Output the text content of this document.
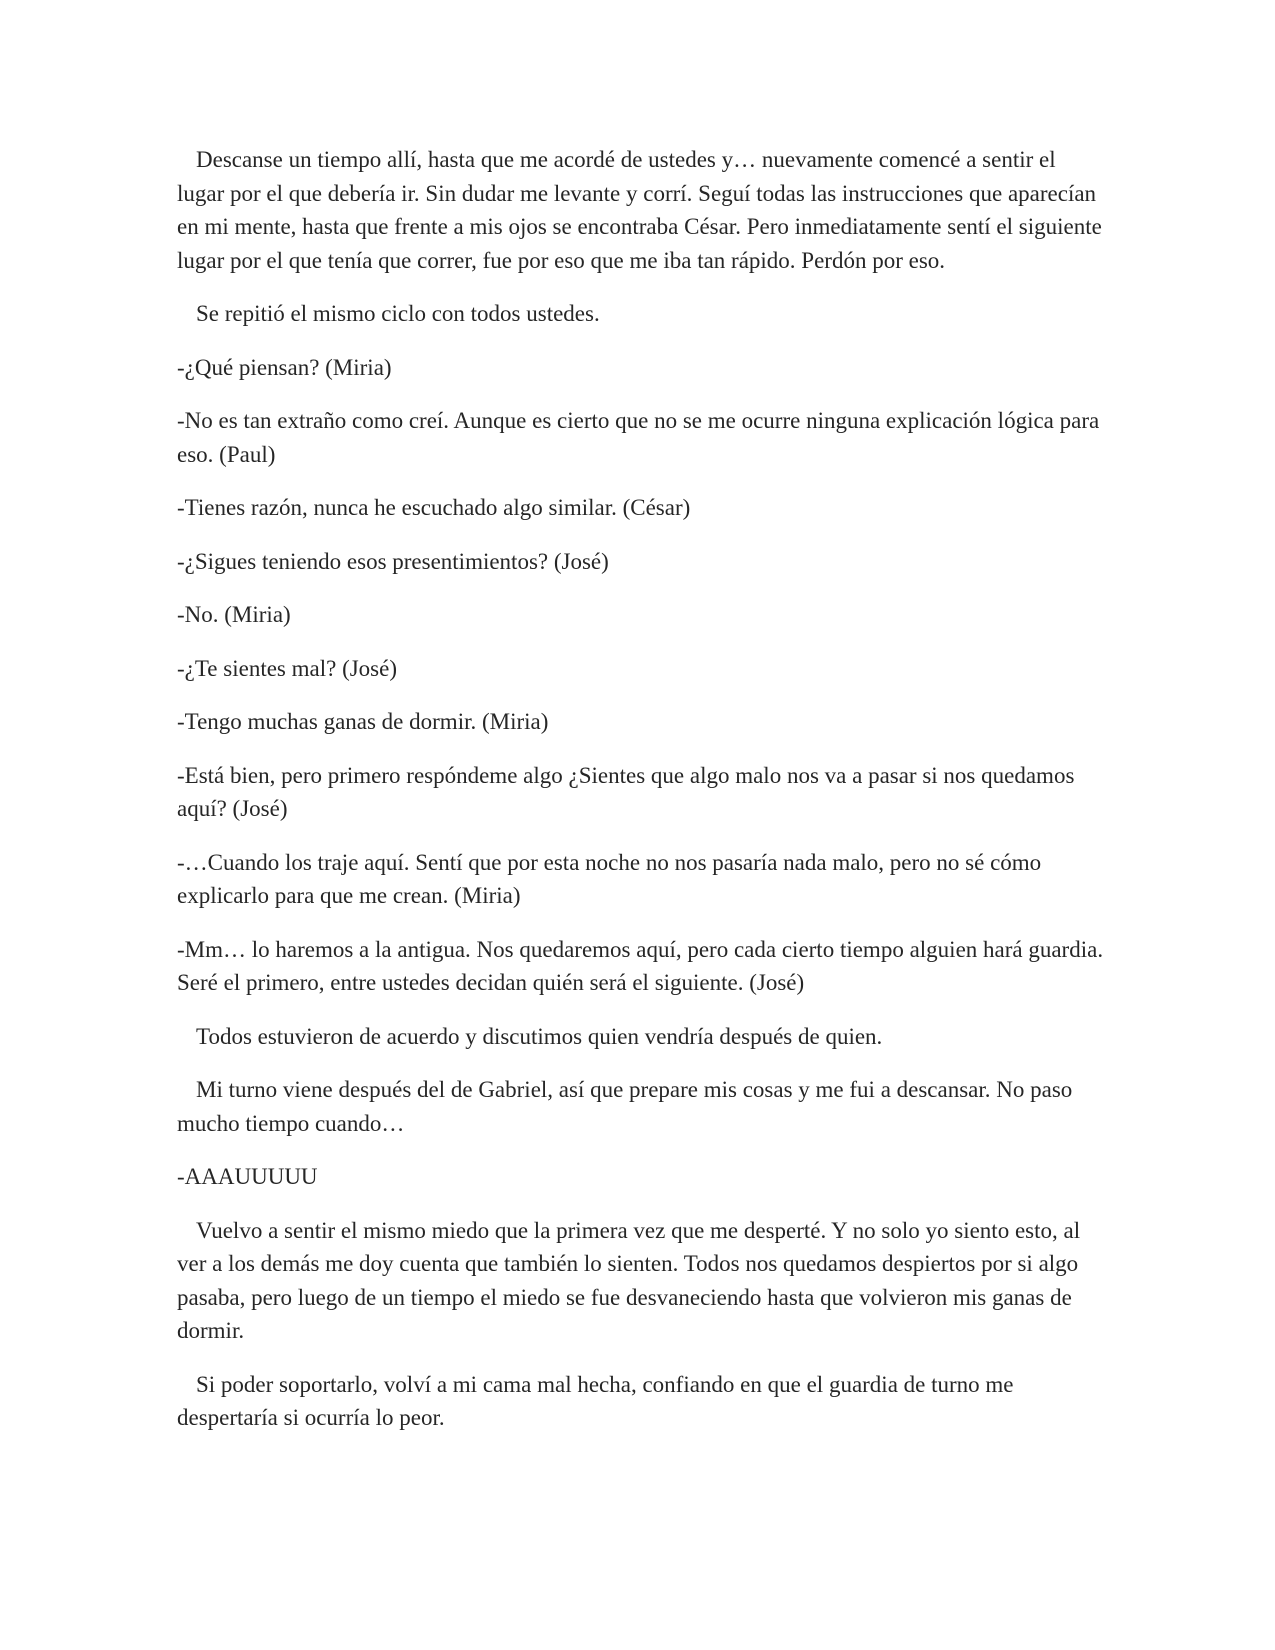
Descanse un tiempo allí, hasta que me acordé de ustedes y… nuevamente comencé a sentir el lugar por el que debería ir. Sin dudar me levante y corrí. Seguí todas las instrucciones que aparecían en mi mente, hasta que frente a mis ojos se encontraba César. Pero inmediatamente sentí el siguiente lugar por el que tenía que correr, fue por eso que me iba tan rápido. Perdón por eso.

Se repitió el mismo ciclo con todos ustedes.

-¿Qué piensan? (Miria)

-No es tan extraño como creí. Aunque es cierto que no se me ocurre ninguna explicación lógica para eso. (Paul)

-Tienes razón, nunca he escuchado algo similar. (César)

-¿Sigues teniendo esos presentimientos? (José)

-No. (Miria)

-¿Te sientes mal? (José)

-Tengo muchas ganas de dormir. (Miria)

-Está bien, pero primero respóndeme algo ¿Sientes que algo malo nos va a pasar si nos quedamos aquí? (José)

-…Cuando los traje aquí. Sentí que por esta noche no nos pasaría nada malo, pero no sé cómo explicarlo para que me crean. (Miria)

-Mm… lo haremos a la antigua. Nos quedaremos aquí, pero cada cierto tiempo alguien hará guardia. Seré el primero, entre ustedes decidan quién será el siguiente. (José)

Todos estuvieron de acuerdo y discutimos quien vendría después de quien.

Mi turno viene después del de Gabriel, así que prepare mis cosas y me fui a descansar. No paso mucho tiempo cuando…

-AAAUUUUU

Vuelvo a sentir el mismo miedo que la primera vez que me desperté. Y no solo yo siento esto, al ver a los demás me doy cuenta que también lo sienten. Todos nos quedamos despiertos por si algo pasaba, pero luego de un tiempo el miedo se fue desvaneciendo hasta que volvieron mis ganas de dormir.

Si poder soportarlo, volví a mi cama mal hecha, confiando en que el guardia de turno me despertaría si ocurría lo peor.
